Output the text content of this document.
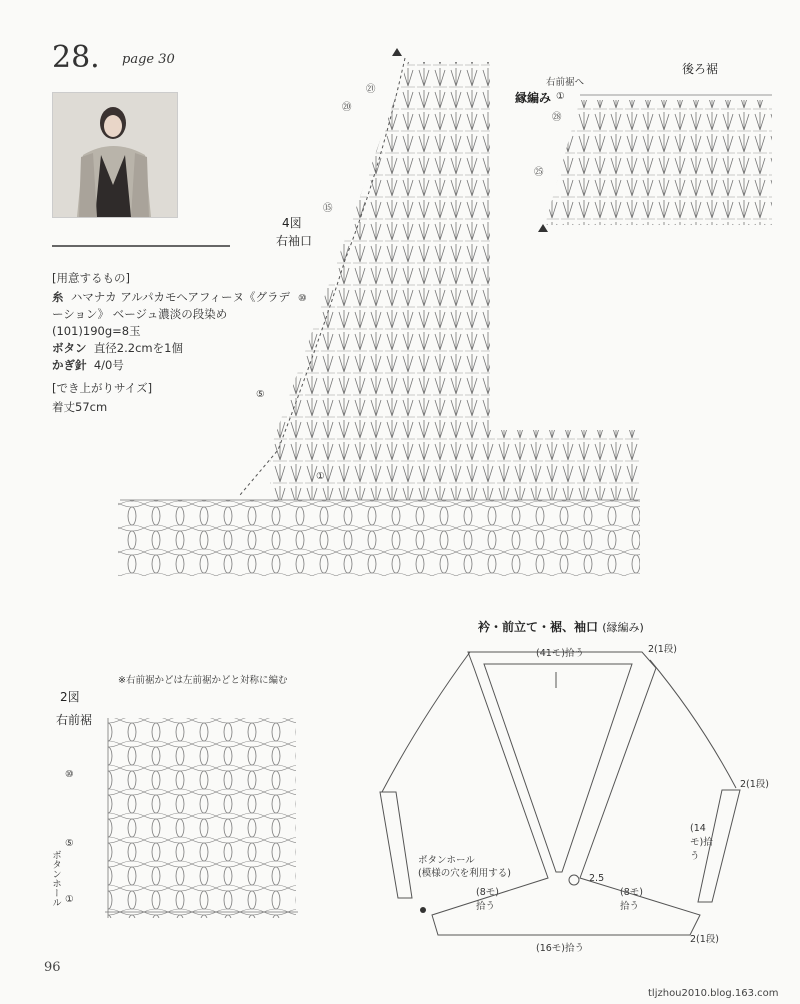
28. page 30
[用意するもの]
糸 ハマナカ アルパカモヘアフィーヌ《グラデーション》 ベージュ濃淡の段染め(101)190g=8玉
ボタン 直径2.2cmを1個
かぎ針 4/0号
[でき上がりサイズ]
着丈57cm
4図
右袖口
後ろ裾
右前裾へ
縁編み ①
㉘
㉕
㉑
⑳
⑮
⑩
⑤
2図
右前裾
※右前裾かどは左前裾かどと対称に編む
⑩
⑤
①
ボタンホール
衿・前立て・裾、袖口 (縁編み)
(41モ)拾う	2(1段)
2(1段)
(14モ)拾う
ボタンホール
(模様の穴を利用する)	2.5
(8モ)拾う
(8モ)拾う
(16モ)拾う
2(1段)
96
tljzhou2010.blog.163.com
